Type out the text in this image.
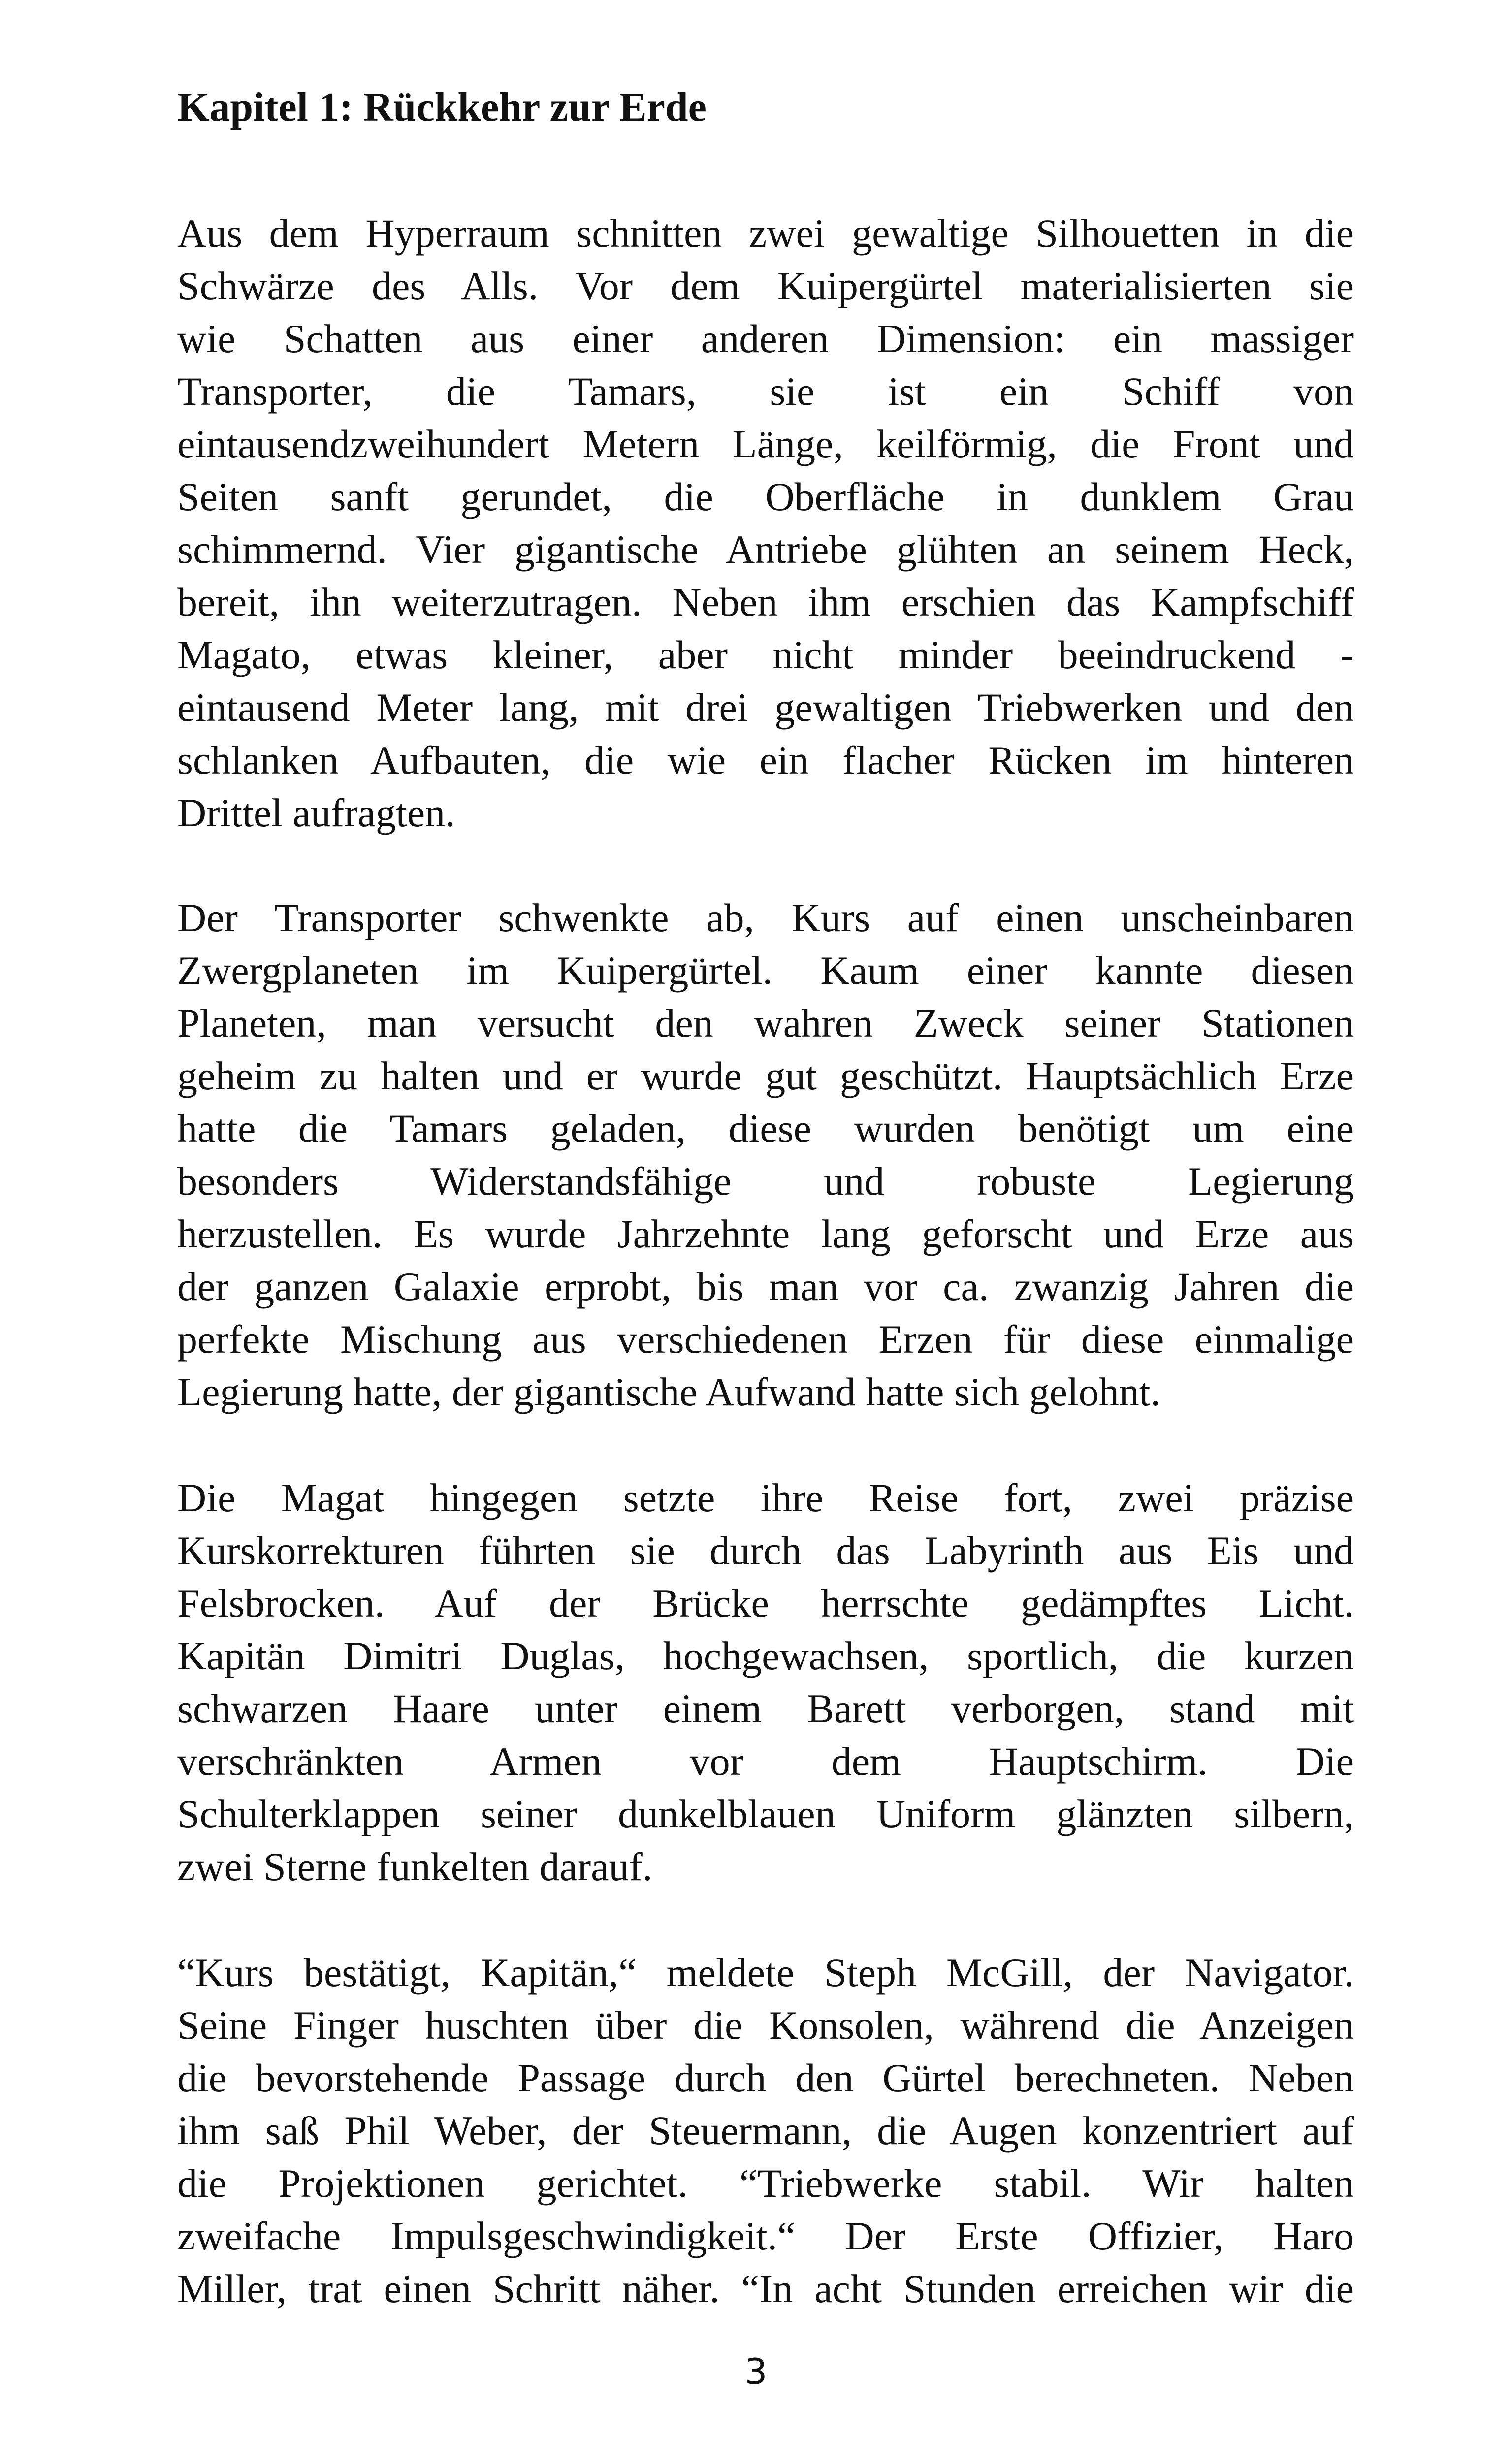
Kapitel 1: Rückkehr zur Erde

Aus dem Hyperraum schnitten zwei gewaltige Silhouetten in die
Schwärze des Alls. Vor dem Kuipergürtel materialisierten sie
wie Schatten aus einer anderen Dimension: ein massiger
Transporter, die Tamars, sie ist ein Schiff von
eintausendzweihundert Metern Länge, keilförmig, die Front und
Seiten sanft gerundet, die Oberfläche in dunklem Grau
schimmernd. Vier gigantische Antriebe glühten an seinem Heck,
bereit, ihn weiterzutragen. Neben ihm erschien das Kampfschiff
Magato, etwas kleiner, aber nicht minder beeindruckend -
eintausend Meter lang, mit drei gewaltigen Triebwerken und den
schlanken Aufbauten, die wie ein flacher Rücken im hinteren
Drittel aufragten.

Der Transporter schwenkte ab, Kurs auf einen unscheinbaren
Zwergplaneten im Kuipergürtel. Kaum einer kannte diesen
Planeten, man versucht den wahren Zweck seiner Stationen
geheim zu halten und er wurde gut geschützt. Hauptsächlich Erze
hatte die Tamars geladen, diese wurden benötigt um eine
besonders Widerstandsfähige und robuste Legierung
herzustellen. Es wurde Jahrzehnte lang geforscht und Erze aus
der ganzen Galaxie erprobt, bis man vor ca. zwanzig Jahren die
perfekte Mischung aus verschiedenen Erzen für diese einmalige
Legierung hatte, der gigantische Aufwand hatte sich gelohnt.

Die Magat hingegen setzte ihre Reise fort, zwei präzise
Kurskorrekturen führten sie durch das Labyrinth aus Eis und
Felsbrocken. Auf der Brücke herrschte gedämpftes Licht.
Kapitän Dimitri Duglas, hochgewachsen, sportlich, die kurzen
schwarzen Haare unter einem Barett verborgen, stand mit
verschränkten Armen vor dem Hauptschirm. Die
Schulterklappen seiner dunkelblauen Uniform glänzten silbern,
zwei Sterne funkelten darauf.

“Kurs bestätigt, Kapitän,“ meldete Steph McGill, der Navigator.
Seine Finger huschten über die Konsolen, während die Anzeigen
die bevorstehende Passage durch den Gürtel berechneten. Neben
ihm saß Phil Weber, der Steuermann, die Augen konzentriert auf
die Projektionen gerichtet. “Triebwerke stabil. Wir halten
zweifache Impulsgeschwindigkeit.“ Der Erste Offizier, Haro
Miller, trat einen Schritt näher. “In acht Stunden erreichen wir die

3
